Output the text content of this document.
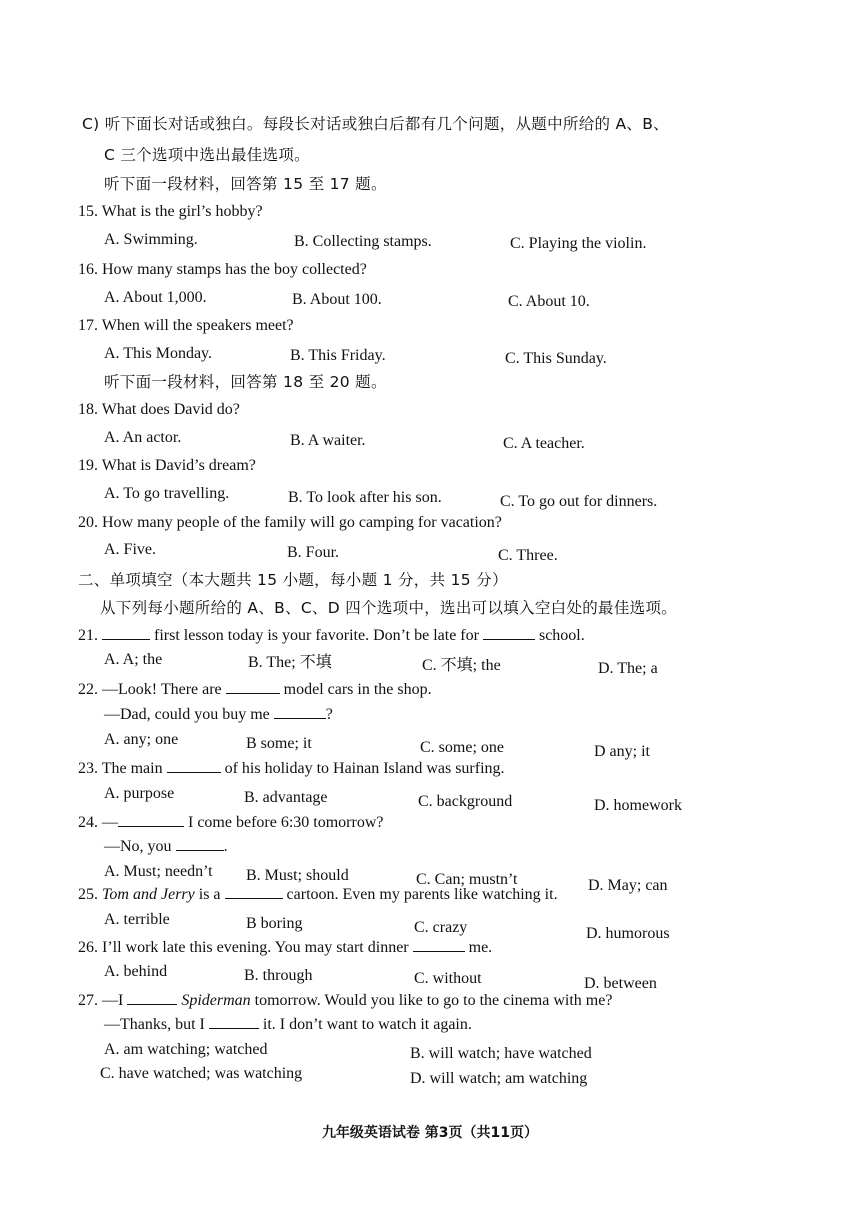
C) 听下面长对话或独白。每段长对话或独白后都有几个问题，从题中所给的 A、B、
C 三个选项中选出最佳选项。
听下面一段材料，回答第 15 至 17 题。
15. What is the girl’s hobby?
A. Swimming.	B. Collecting stamps.	C. Playing the violin.
16. How many stamps has the boy collected?
A. About 1,000.	B. About 100.	C. About 10.
17. When will the speakers meet?
A. This Monday.	B. This Friday.	C. This Sunday.
听下面一段材料，回答第 18 至 20 题。
18. What does David do?
A. An actor.	B. A waiter.	C. A teacher.
19. What is David’s dream?
A. To go travelling.	B. To look after his son.	C. To go out for dinners.
20. How many people of the family will go camping for vacation?
A. Five.	B. Four.	C. Three.
二、单项填空（本大题共 15 小题，每小题 1 分，共 15 分）
从下列每小题所给的 A、B、C、D 四个选项中，选出可以填入空白处的最佳选项。
21.	first lesson today is your favorite. Don’t be late for	school.
A. A; the	B. The; 不填	C. 不填; the	D. The; a
22. —Look! There are	model cars in the shop.
—Dad, could you buy me	?
A. any; one	B some; it	C. some; one	D any; it
23. The main	of his holiday to Hainan Island was surfing.
A. purpose	B. advantage	C. background	D. homework
24. —	I come before 6:30 tomorrow?
—No, you	.
A. Must; needn’t B. Must; should	C. Can; mustn’t	D. May; can
25. Tom and Jerry is a	cartoon. Even my parents like watching it.
A. terrible	B boring	C. crazy	D. humorous
26. I’ll work late this evening. You may start dinner	me.
A. behind	B. through	C. without	D. between
27. —I	Spiderman tomorrow. Would you like to go to the cinema with me?
—Thanks, but I	it. I don’t want to watch it again.
A. am watching; watched	B. will watch; have watched
C. have watched; was watching	D. will watch; am watching
九年级英语试卷 第3页（共11页）
